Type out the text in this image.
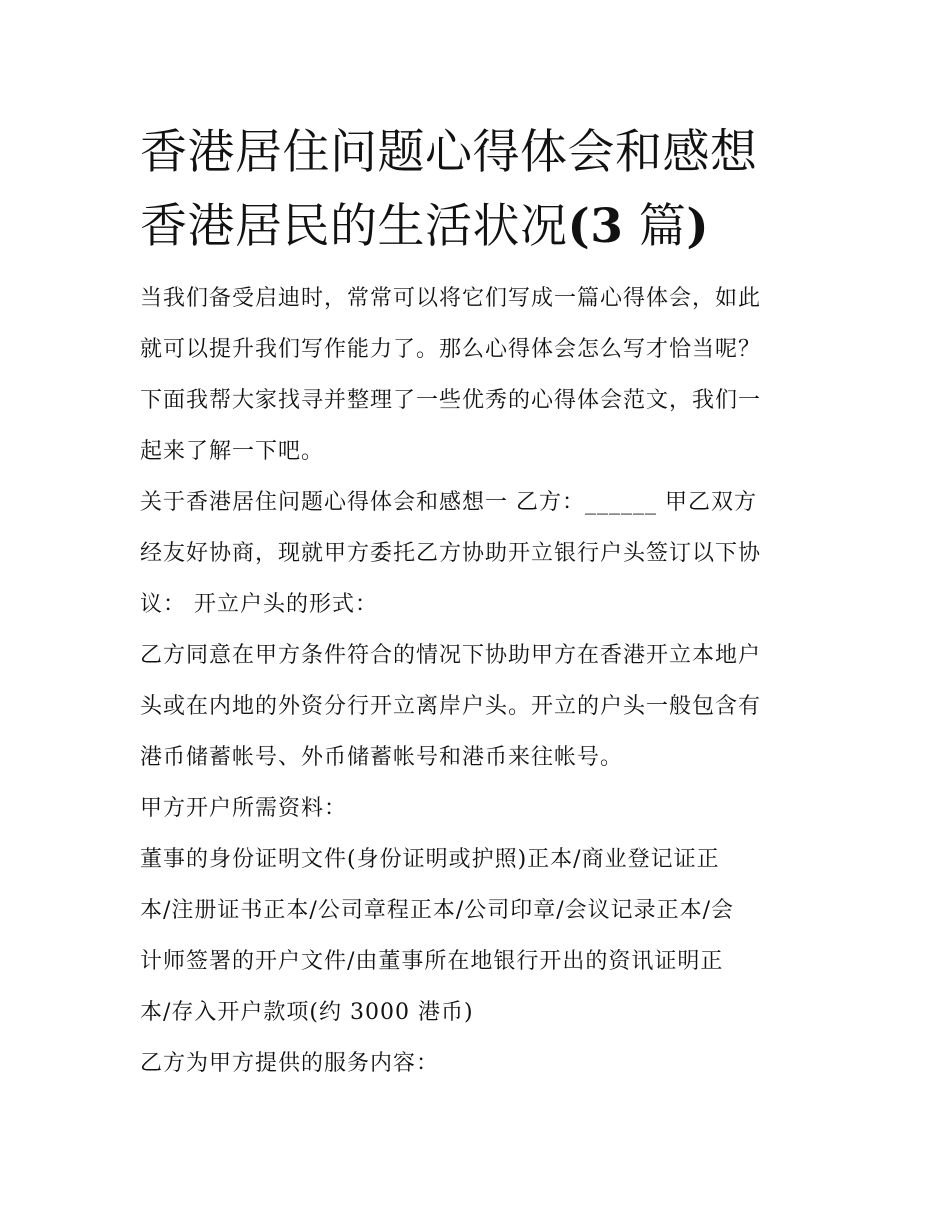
香港居住问题心得体会和感想
香港居民的生活状况(3 篇)

当我们备受启迪时，常常可以将它们写成一篇心得体会，如此
就可以提升我们写作能力了。那么心得体会怎么写才恰当呢？
下面我帮大家找寻并整理了一些优秀的心得体会范文，我们一
起来了解一下吧。

关于香港居住问题心得体会和感想一 乙方：______ 甲乙双方
经友好协商，现就甲方委托乙方协助开立银行户头签订以下协
议： 开立户头的形式：

乙方同意在甲方条件符合的情况下协助甲方在香港开立本地户
头或在内地的外资分行开立离岸户头。开立的户头一般包含有
港币储蓄帐号、外币储蓄帐号和港币来往帐号。

甲方开户所需资料：

董事的身份证明文件(身份证明或护照)正本/商业登记证正
本/注册证书正本/公司章程正本/公司印章/会议记录正本/会
计师签署的开户文件/由董事所在地银行开出的资讯证明正
本/存入开户款项(约 3000 港币)

乙方为甲方提供的服务内容：
